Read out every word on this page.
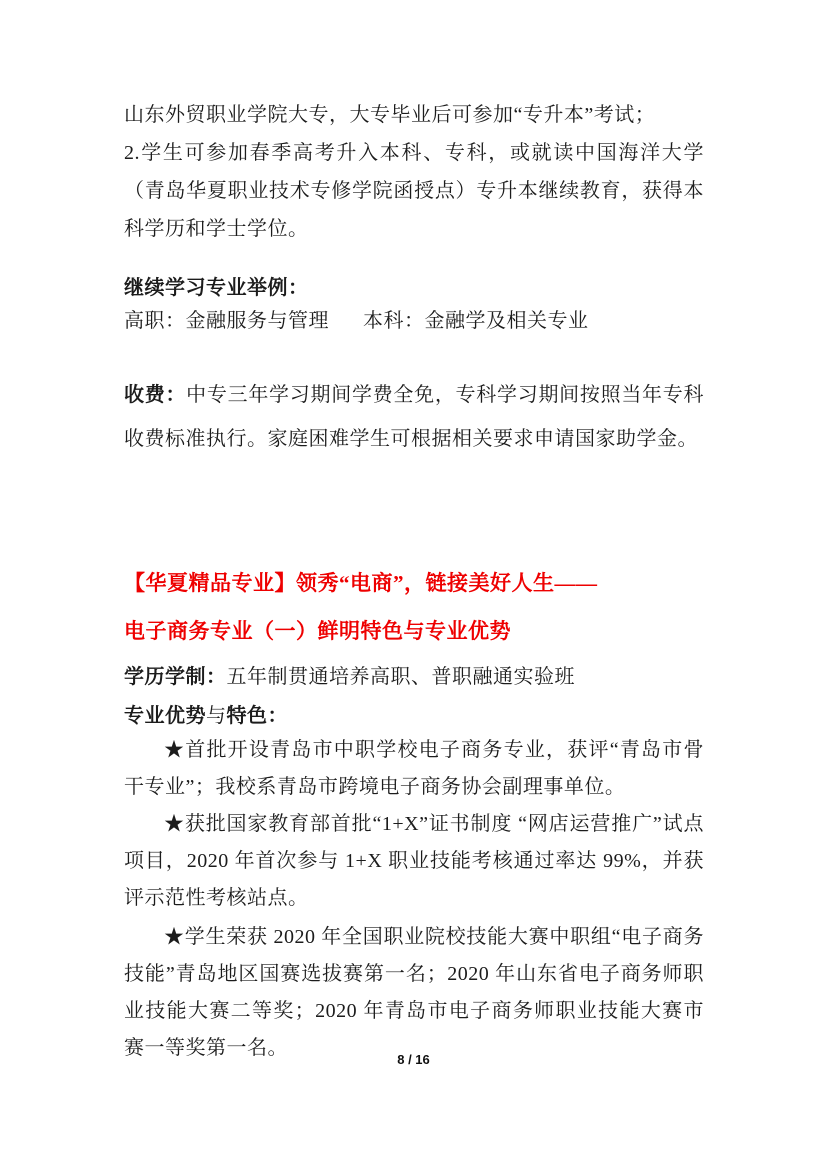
山东外贸职业学院大专，大专毕业后可参加“专升本”考试；
2.学生可参加春季高考升入本科、专科，或就读中国海洋大学（青岛华夏职业技术专修学院函授点）专升本继续教育，获得本科学历和学士学位。
继续学习专业举例：
高职：金融服务与管理 本科：金融学及相关专业
收费：中专三年学习期间学费全免，专科学习期间按照当年专科收费标准执行。家庭困难学生可根据相关要求申请国家助学金。
【华夏精品专业】领秀“电商”，链接美好人生——
电子商务专业（一）鲜明特色与专业优势
学历学制：五年制贯通培养高职、普职融通实验班
专业优势与特色：
★首批开设青岛市中职学校电子商务专业，获评“青岛市骨干专业”；我校系青岛市跨境电子商务协会副理事单位。
★获批国家教育部首批“1+X”证书制度 “网店运营推广”试点项目，2020 年首次参与 1+X 职业技能考核通过率达 99%，并获评示范性考核站点。
★学生荣获 2020 年全国职业院校技能大赛中职组“电子商务技能”青岛地区国赛选拔赛第一名；2020 年山东省电子商务师职业技能大赛二等奖；2020 年青岛市电子商务师职业技能大赛市赛一等奖第一名。
8 / 16
